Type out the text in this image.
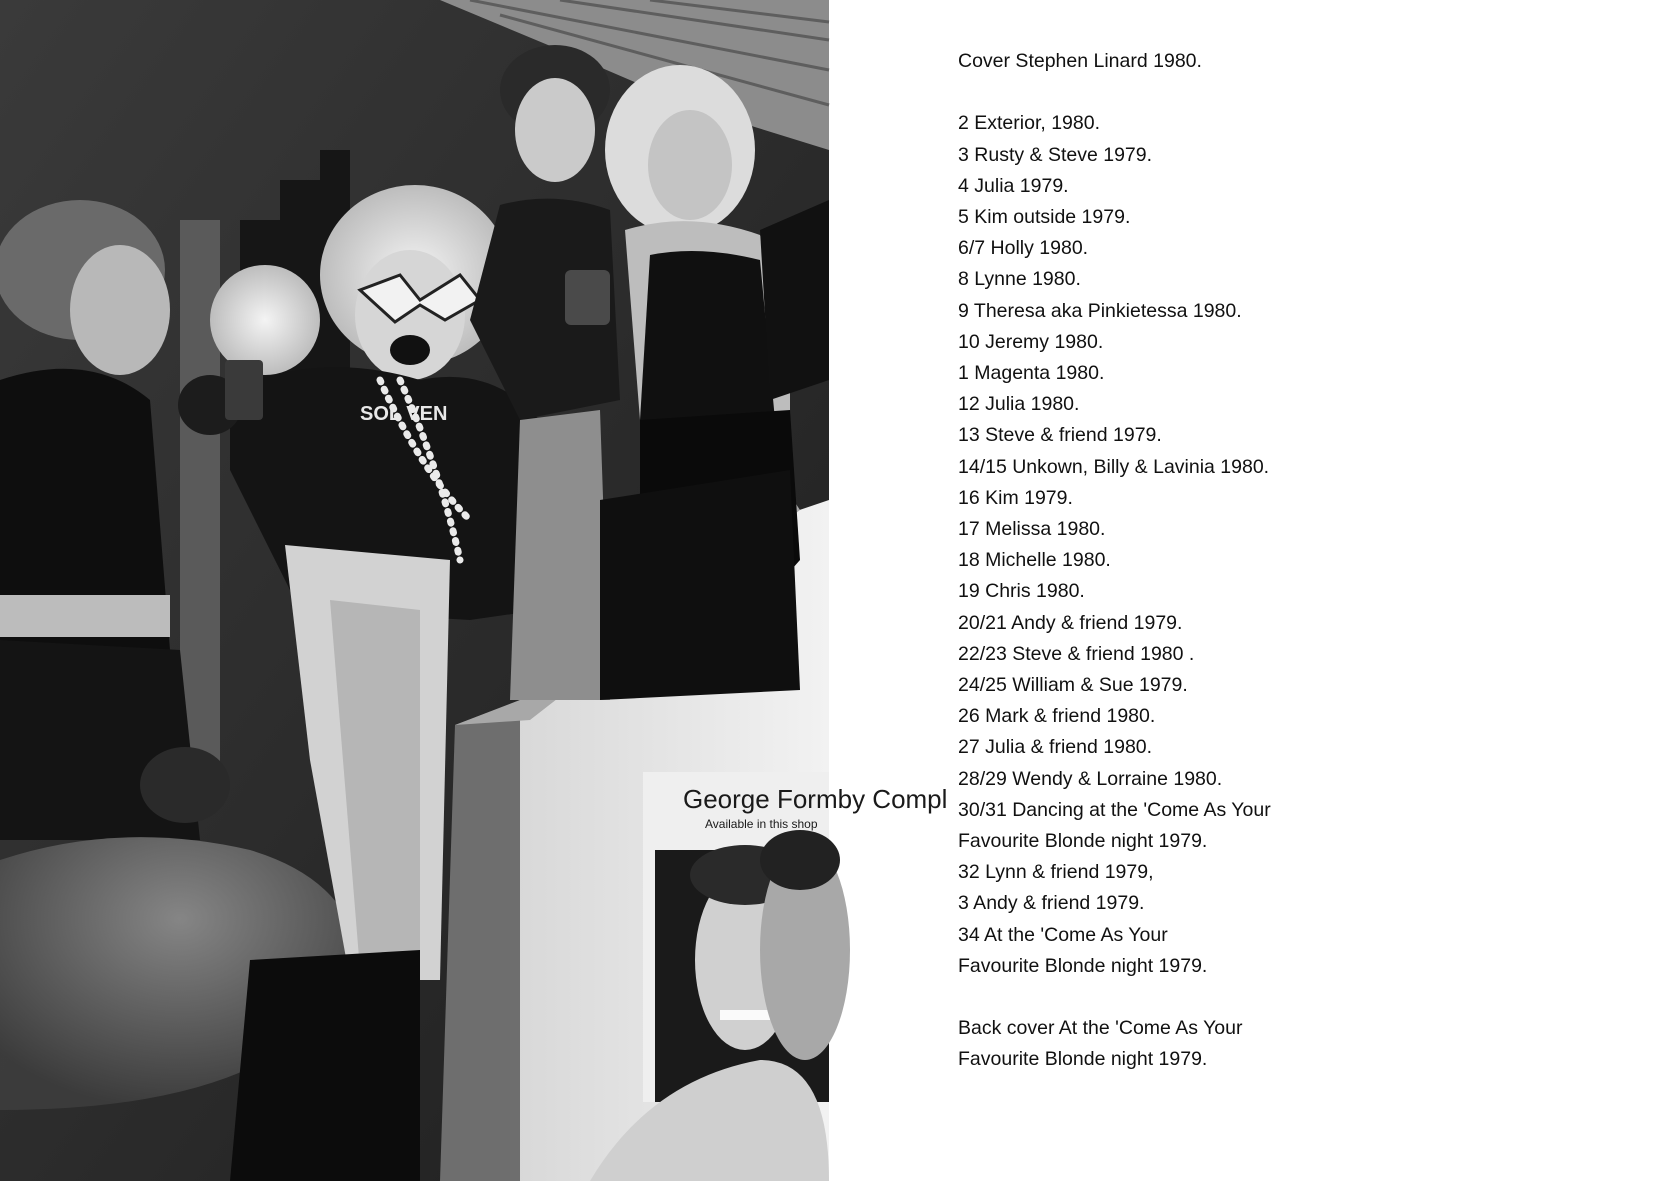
George Formby Compl
Available in this shop
SOL VEN
Cover Stephen Linard 1980.
2 Exterior, 1980.
3 Rusty & Steve 1979.
4 Julia 1979.
5 Kim outside 1979.
6/7 Holly 1980.
8 Lynne 1980.
9 Theresa aka Pinkietessa 1980.
10 Jeremy 1980.
1 Magenta 1980.
12 Julia 1980.
13 Steve & friend 1979.
14/15 Unkown, Billy & Lavinia 1980.
16 Kim 1979.
17 Melissa 1980.
18 Michelle 1980.
19 Chris 1980.
20/21 Andy & friend 1979.
22/23 Steve & friend 1980 .
24/25 William & Sue 1979.
26 Mark & friend 1980.
27 Julia & friend 1980.
28/29 Wendy & Lorraine 1980.
30/31 Dancing at the 'Come As Your
Favourite Blonde night 1979.
32 Lynn & friend 1979,
3 Andy & friend 1979.
34 At the 'Come As Your
Favourite Blonde night 1979.
Back cover At the 'Come As Your
Favourite Blonde night 1979.
